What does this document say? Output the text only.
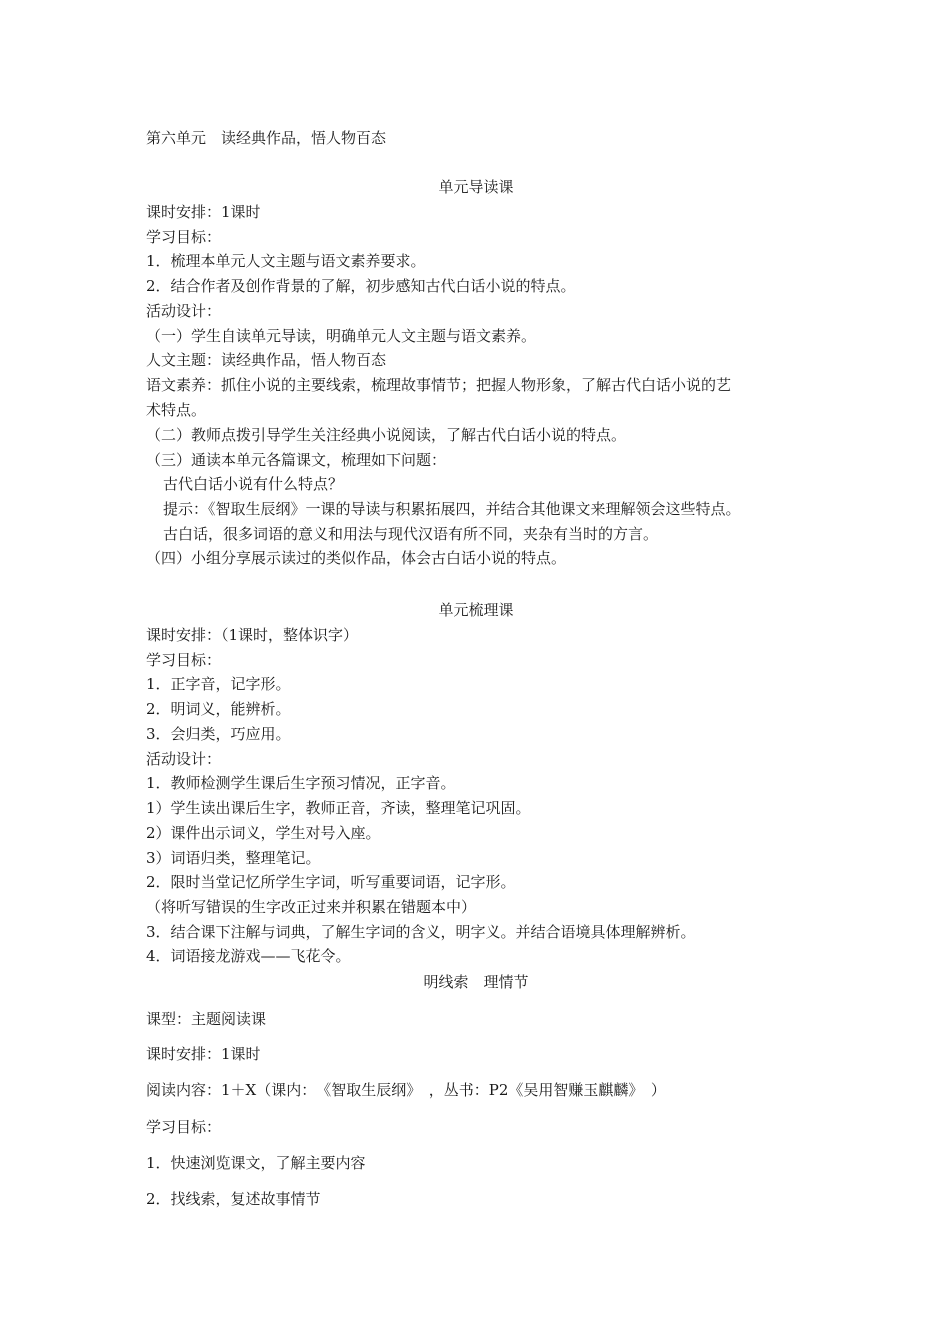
第六单元　读经典作品，悟人物百态
单元导读课
课时安排：1课时
学习目标：
1．梳理本单元人文主题与语文素养要求。
2．结合作者及创作背景的了解，初步感知古代白话小说的特点。
活动设计：
（一）学生自读单元导读，明确单元人文主题与语文素养。
人文主题：读经典作品，悟人物百态
语文素养：抓住小说的主要线索，梳理故事情节；把握人物形象，了解古代白话小说的艺
术特点。
（二）教师点拨引导学生关注经典小说阅读，了解古代白话小说的特点。
（三）通读本单元各篇课文，梳理如下问题：
古代白话小说有什么特点？
提示：《智取生辰纲》一课的导读与积累拓展四，并结合其他课文来理解领会这些特点。
古白话，很多词语的意义和用法与现代汉语有所不同，夹杂有当时的方言。
（四）小组分享展示读过的类似作品，体会古白话小说的特点。
单元梳理课
课时安排：（1课时，整体识字）
学习目标：
1．正字音，记字形。
2．明词义，能辨析。
3．会归类，巧应用。
活动设计：
1．教师检测学生课后生字预习情况，正字音。
1）学生读出课后生字，教师正音，齐读，整理笔记巩固。
2）课件出示词义，学生对号入座。
3）词语归类，整理笔记。
2．限时当堂记忆所学生字词，听写重要词语，记字形。
（将听写错误的生字改正过来并积累在错题本中）
3．结合课下注解与词典，了解生字词的含义，明字义。并结合语境具体理解辨析。
4．词语接龙游戏——飞花令。
明线索　理情节
课型：主题阅读课
课时安排：1课时
阅读内容：1＋X（课内：　《智取生辰纲》　，丛书：P2《吴用智赚玉麒麟》　）
学习目标：
1．快速浏览课文，了解主要内容
2．找线索，复述故事情节
